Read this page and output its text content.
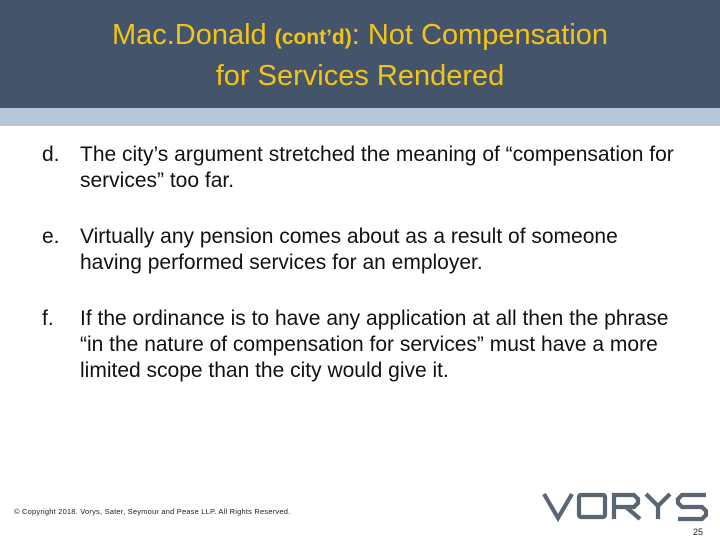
Mac.Donald (cont’d): Not Compensation
for Services Rendered
d. The city’s argument stretched the meaning of “compensation for services” too far.
e. Virtually any pension comes about as a result of someone having performed services for an employer.
f.	If the ordinance is to have any application at all then the phrase “in the nature of compensation for services” must have a more limited scope than the city would give it.
© Copyright 2018. Vorys, Sater, Seymour and Pease LLP. All Rights Reserved.
25
